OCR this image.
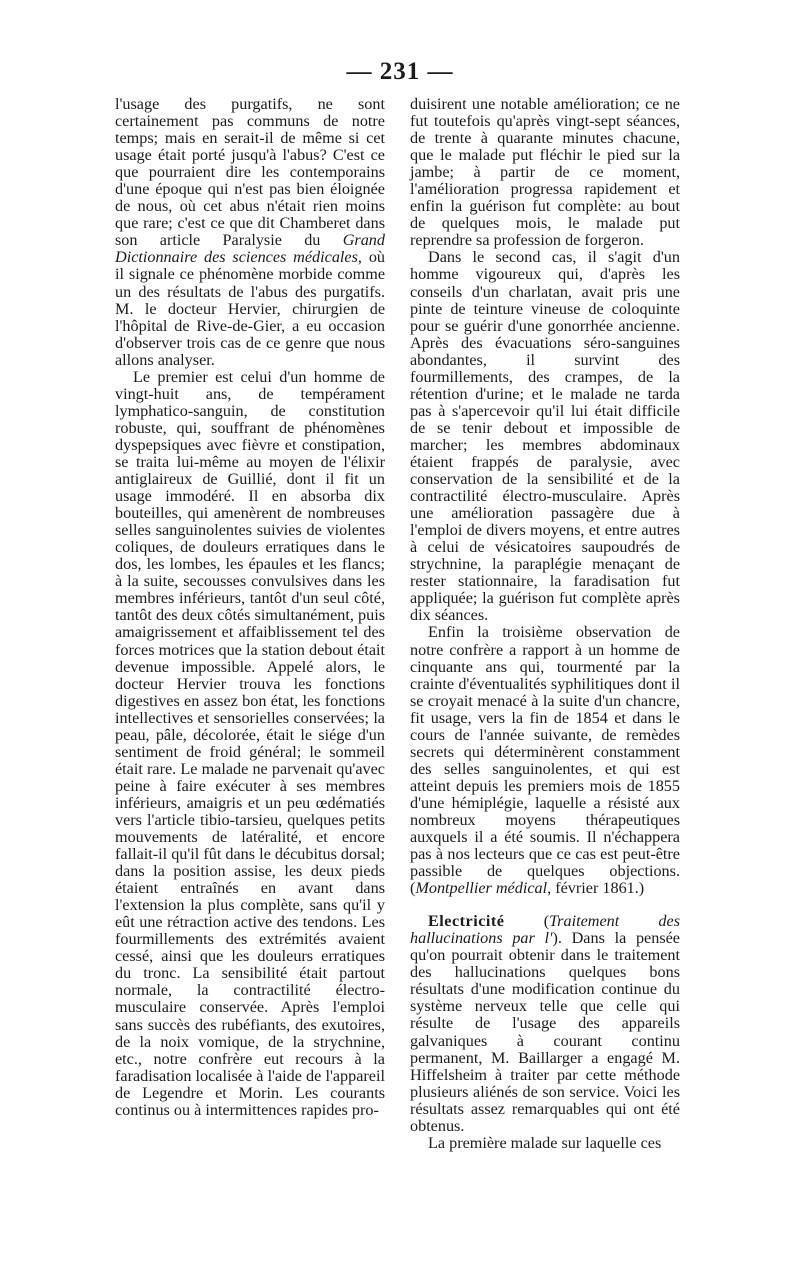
— 231 —

l'usage des purgatifs, ne sont certainement pas communs de notre temps; mais en serait-il de même si cet usage était porté jusqu'à l'abus? C'est ce que pourraient dire les contemporains d'une époque qui n'est pas bien éloignée de nous, où cet abus n'était rien moins que rare; c'est ce que dit Chamberet dans son article Paralysie du Grand Dictionnaire des sciences médicales, où il signale ce phénomène morbide comme un des résultats de l'abus des purgatifs. M. le docteur Hervier, chirurgien de l'hôpital de Rive-de-Gier, a eu occasion d'observer trois cas de ce genre que nous allons analyser.

Le premier est celui d'un homme de vingt-huit ans, de tempérament lymphatico-sanguin, de constitution robuste, qui, souffrant de phénomènes dyspepsiques avec fièvre et constipation, se traita lui-même au moyen de l'élixir antiglaireux de Guillié, dont il fit un usage immodéré. Il en absorba dix bouteilles, qui amenèrent de nombreuses selles sanguinolentes suivies de violentes coliques, de douleurs erratiques dans le dos, les lombes, les épaules et les flancs; à la suite, secousses convulsives dans les membres inférieurs, tantôt d'un seul côté, tantôt des deux côtés simultanément, puis amaigrissement et affaiblissement tel des forces motrices que la station debout était devenue impossible. Appelé alors, le docteur Hervier trouva les fonctions digestives en assez bon état, les fonctions intellectives et sensorielles conservées; la peau, pâle, décolorée, était le siége d'un sentiment de froid général; le sommeil était rare. Le malade ne parvenait qu'avec peine à faire exécuter à ses membres inférieurs, amaigris et un peu œdématiés vers l'article tibio-tarsieu, quelques petits mouvements de latéralité, et encore fallait-il qu'il fût dans le décubitus dorsal; dans la position assise, les deux pieds étaient entraînés en avant dans l'extension la plus complète, sans qu'il y eût une rétraction active des tendons. Les fourmillements des extrémités avaient cessé, ainsi que les douleurs erratiques du tronc. La sensibilité était partout normale, la contractilité électro-musculaire conservée. Après l'emploi sans succès des rubéfiants, des exutoires, de la noix vomique, de la strychnine, etc., notre confrère eut recours à la faradisation localisée à l'aide de l'appareil de Legendre et Morin. Les courants continus ou à intermittences rapides pro-

duisirent une notable amélioration; ce ne fut toutefois qu'après vingt-sept séances, de trente à quarante minutes chacune, que le malade put fléchir le pied sur la jambe; à partir de ce moment, l'amélioration progressa rapidement et enfin la guérison fut complète: au bout de quelques mois, le malade put reprendre sa profession de forgeron.

Dans le second cas, il s'agit d'un homme vigoureux qui, d'après les conseils d'un charlatan, avait pris une pinte de teinture vineuse de coloquinte pour se guérir d'une gonorrhée ancienne. Après des évacuations séro-sanguines abondantes, il survint des fourmillements, des crampes, de la rétention d'urine; et le malade ne tarda pas à s'apercevoir qu'il lui était difficile de se tenir debout et impossible de marcher; les membres abdominaux étaient frappés de paralysie, avec conservation de la sensibilité et de la contractilité électro-musculaire. Après une amélioration passagère due à l'emploi de divers moyens, et entre autres à celui de vésicatoires saupoudrés de strychnine, la paraplégie menaçant de rester stationnaire, la faradisation fut appliquée; la guérison fut complète après dix séances.

Enfin la troisième observation de notre confrère a rapport à un homme de cinquante ans qui, tourmenté par la crainte d'éventualités syphilitiques dont il se croyait menacé à la suite d'un chancre, fit usage, vers la fin de 1854 et dans le cours de l'année suivante, de remèdes secrets qui déterminèrent constamment des selles sanguinolentes, et qui est atteint depuis les premiers mois de 1855 d'une hémiplégie, laquelle a résisté aux nombreux moyens thérapeutiques auxquels il a été soumis. Il n'échappera pas à nos lecteurs que ce cas est peut-être passible de quelques objections. (Montpellier médical, février 1861.)

Electricité (Traitement des hallucinations par l'). Dans la pensée qu'on pourrait obtenir dans le traitement des hallucinations quelques bons résultats d'une modification continue du système nerveux telle que celle qui résulte de l'usage des appareils galvaniques à courant continu permanent, M. Baillarger a engagé M. Hiffelsheim à traiter par cette méthode plusieurs aliénés de son service. Voici les résultats assez remarquables qui ont été obtenus.

La première malade sur laquelle ces
